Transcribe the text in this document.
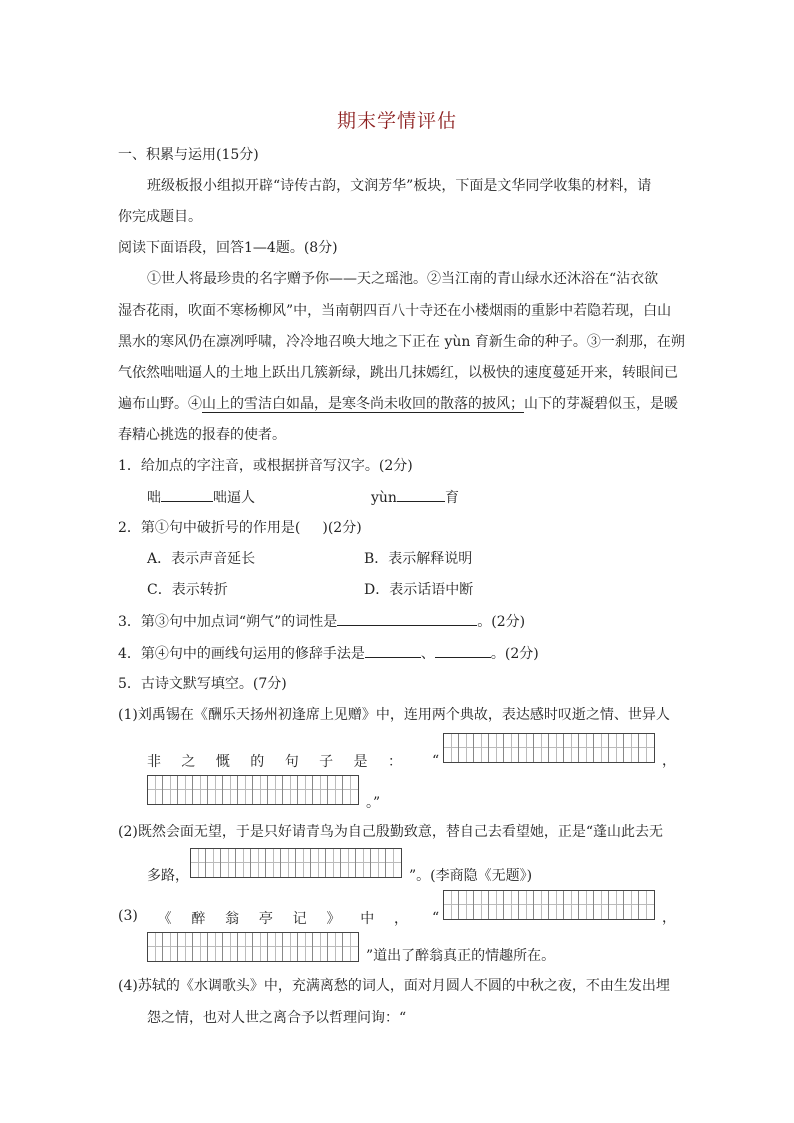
期末学情评估
一、积累与运用(15分)
班级板报小组拟开辟“诗传古韵，文润芳华”板块，下面是文华同学收集的材料，请
你完成题目。
阅读下面语段，回答1—4题。(8分)
①世人将最珍贵的名字赠予你——天之瑶池。②当江南的青山绿水还沐浴在“沾衣欲
湿杏花雨，吹面不寒杨柳风”中，当南朝四百八十寺还在小楼烟雨的重影中若隐若现，白山
黑水的寒风仍在凛冽呼啸，冷冷地召唤大地之下正在 yùn 育新生命的种子。③一刹那，在朔
气依然咄咄逼人的土地上跃出几簇新绿，跳出几抹嫣红，以极快的速度蔓延开来，转眼间已
遍布山野。④山上的雪洁白如晶，是寒冬尚未收回的散落的披风；山下的芽凝碧似玉，是暖
春精心挑选的报春的使者。
1．给加点的字注音，或根据拼音写汉字。(2分)
咄	咄逼人	yùn	育
2．第①句中破折号的作用是( )(2分)
A．表示声音延长	B．表示解释说明
C．表示转折	D．表示话语中断
3．第③句中加点词“朔气”的词性是	。(2分)
4．第④句中的画线句运用的修辞手法是	、	。(2分)
5．古诗文默写填空。(7分)
(1)刘禹锡在《酬乐天扬州初逢席上见赠》中，连用两个典故，表达感时叹逝之情、世异人
非 之 慨 的 句 子 是 ： “	，
。”
(2)既然会面无望，于是只好请青鸟为自己殷勤致意，替自己去看望她，正是“蓬山此去无
多路，	”。(李商隐《无题》)
(3) 《 醉 翁 亭 记 》 中 ， “	，
”道出了醉翁真正的情趣所在。
(4)苏轼的《水调歌头》中，充满离愁的词人，面对月圆人不圆的中秋之夜，不由生发出埋
怨之情，也对人世之离合予以哲理问询：“
